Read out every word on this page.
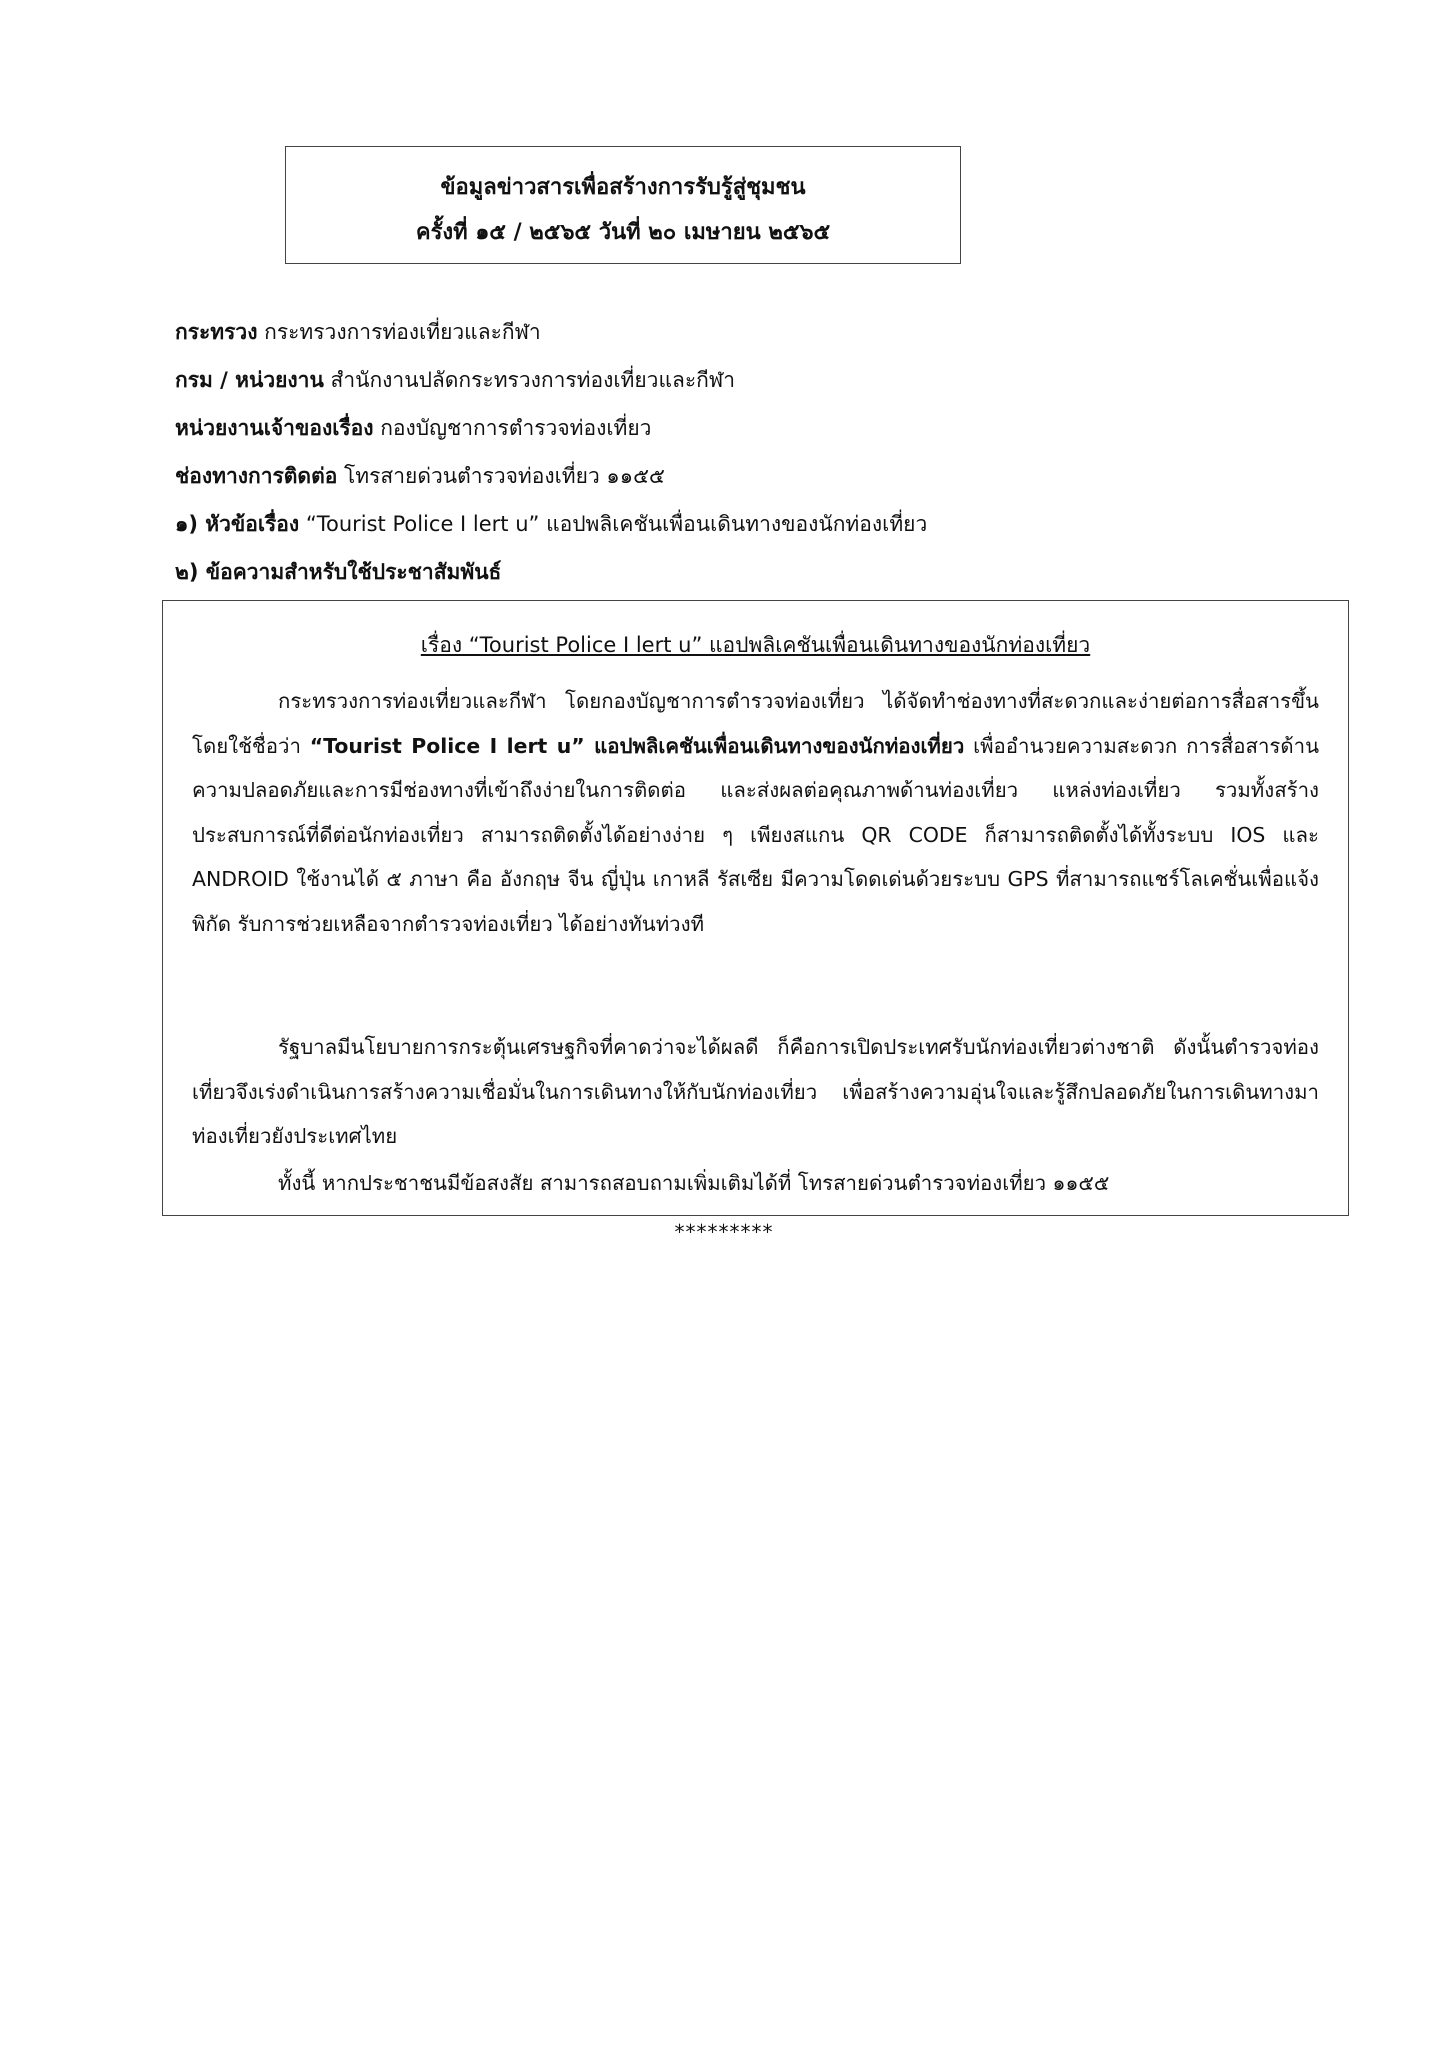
ข้อมูลข่าวสารเพื่อสร้างการรับรู้สู่ชุมชน
ครั้งที่ ๑๕ / ๒๕๖๕ วันที่ ๒๐ เมษายน ๒๕๖๕
กระทรวง กระทรวงการท่องเที่ยวและกีฬา
กรม / หน่วยงาน สำนักงานปลัดกระทรวงการท่องเที่ยวและกีฬา
หน่วยงานเจ้าของเรื่อง กองบัญชาการตำรวจท่องเที่ยว
ช่องทางการติดต่อ โทรสายด่วนตำรวจท่องเที่ยว ๑๑๕๕
๑) หัวข้อเรื่อง “Tourist Police I lert u” แอปพลิเคชันเพื่อนเดินทางของนักท่องเที่ยว
๒) ข้อความสำหรับใช้ประชาสัมพันธ์
เรื่อง “Tourist Police I lert u” แอปพลิเคชันเพื่อนเดินทางของนักท่องเที่ยว

กระทรวงการท่องเที่ยวและกีฬา โดยกองบัญชาการตำรวจท่องเที่ยว ได้จัดทำช่องทางที่สะดวกและง่ายต่อการสื่อสารขึ้น โดยใช้ชื่อว่า “Tourist Police I lert u” แอปพลิเคชันเพื่อนเดินทางของนักท่องเที่ยว เพื่ออำนวยความสะดวก การสื่อสารด้านความปลอดภัยและการมีช่องทางที่เข้าถึงง่ายในการติดต่อ และส่งผลต่อคุณภาพด้านท่องเที่ยว แหล่งท่องเที่ยว รวมทั้งสร้างประสบการณ์ที่ดีต่อนักท่องเที่ยว สามารถติดตั้งได้อย่างง่าย ๆ เพียงสแกน QR CODE ก็สามารถติดตั้งได้ทั้งระบบ IOS และ ANDROID ใช้งานได้ ๕ ภาษา คือ อังกฤษ จีน ญี่ปุ่น เกาหลี รัสเซีย มีความโดดเด่นด้วยระบบ GPS ที่สามารถแชร์โลเคชั่นเพื่อแจ้งพิกัด รับการช่วยเหลือจากตำรวจท่องเที่ยว ได้อย่างทันท่วงที

รัฐบาลมีนโยบายการกระตุ้นเศรษฐกิจที่คาดว่าจะได้ผลดี ก็คือการเปิดประเทศรับนักท่องเที่ยวต่างชาติ ดังนั้นตำรวจท่องเที่ยวจึงเร่งดำเนินการสร้างความเชื่อมั่นในการเดินทางให้กับนักท่องเที่ยว เพื่อสร้างความอุ่นใจและรู้สึกปลอดภัยในการเดินทางมาท่องเที่ยวยังประเทศไทย

ทั้งนี้ หากประชาชนมีข้อสงสัย สามารถสอบถามเพิ่มเติมได้ที่ โทรสายด่วนตำรวจท่องเที่ยว ๑๑๕๕

*********
